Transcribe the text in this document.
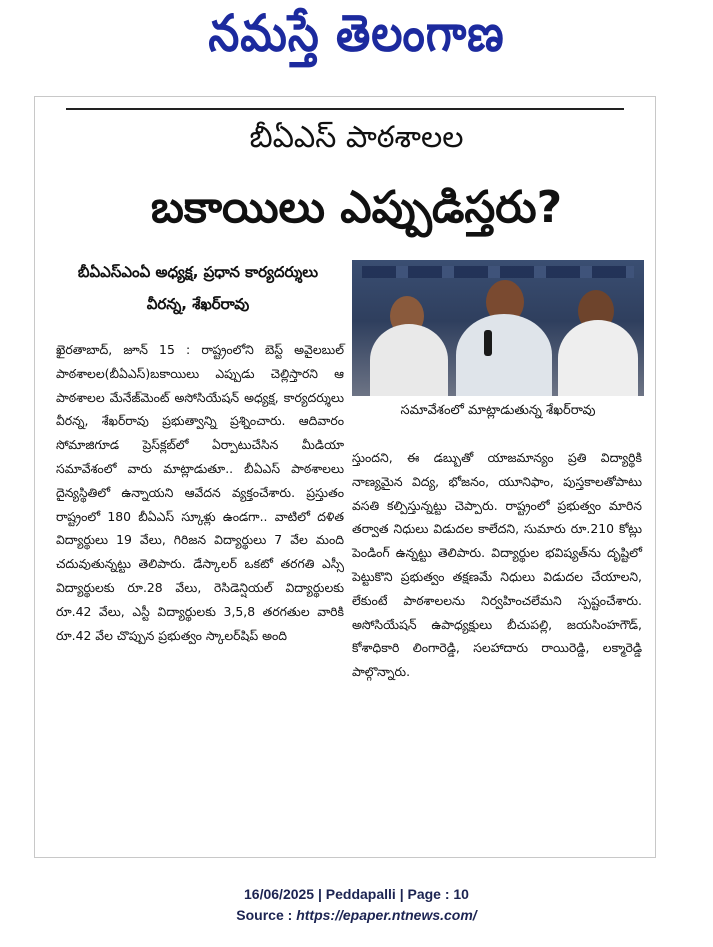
నమస్తే తెలంగాణ
బీఏఎస్ పాఠశాలల
బకాయిలు ఎప్పుడిస్తరు?
బీఏఎస్ఎంఏ అధ్యక్ష, ప్రధాన కార్యదర్శులు వీరన్న, శేఖర్‌రావు
ఖైరతాబాద్, జూన్ 15 : రాష్ట్రంలోని బెస్ట్ అవైలబుల్ పాఠశాలల(బీఏఎస్)బకాయిలు ఎప్పుడు చెల్లిస్తారని ఆ పాఠశాలల మేనేజ్‌మెంట్ అసోసియేషన్ అధ్యక్ష, కార్యదర్శులు వీరన్న, శేఖర్‌రావు ప్రభుత్వాన్ని ప్రశ్నించారు. ఆదివారం సోమాజిగూడ ప్రెస్‌క్లబ్‌లో ఏర్పాటుచేసిన మీడియా సమావేశంలో వారు మాట్లాడుతూ.. బీఏఎస్ పాఠశాలలు దైన్యస్థితిలో ఉన్నాయని ఆవేదన వ్యక్తంచేశారు. ప్రస్తుతం రాష్ట్రంలో 180 బీఏఎస్ స్కూళ్లు ఉండగా.. వాటిలో దళిత విద్యార్థులు 19 వేలు, గిరిజన విద్యార్థులు 7 వేల మంది చదువుతున్నట్టు తెలిపారు. డేస్కాలర్ ఒకటో తరగతి ఎస్సీ విద్యార్థులకు రూ.28 వేలు, రెసిడెన్షియల్ విద్యార్థులకు రూ.42 వేలు, ఎస్టీ విద్యార్థులకు 3,5,8 తరగతుల వారికి రూ.42 వేల చొప్పున ప్రభుత్వం స్కాలర్‌షిప్ అంది
సమావేశంలో మాట్లాడుతున్న శేఖర్‌రావు
స్తుందని, ఈ డబ్బుతో యాజమాన్యం ప్రతి విద్యార్థికి నాణ్యమైన విద్య, భోజనం, యూనిఫాం, పుస్తకాలతోపాటు వసతి కల్పిస్తున్నట్టు చెప్పారు. రాష్ట్రంలో ప్రభుత్వం మారిన తర్వాత నిధులు విడుదల కాలేదని, సుమారు రూ.210 కోట్లు పెండింగ్ ఉన్నట్టు తెలిపారు. విద్యార్థుల భవిష్యత్‌ను దృష్టిలో పెట్టుకొని ప్రభుత్వం తక్షణమే నిధులు విడుదల చేయాలని, లేకుంటే పాఠశాలలను నిర్వహించలేమని స్పష్టంచేశారు. అసోసియేషన్ ఉపాధ్యక్షులు బీచుపల్లి, జయసింహగౌడ్, కోశాధికారి లింగారెడ్డి, సలహాదారు రాయిరెడ్డి, లక్మారెడ్డి పాల్గొన్నారు.
16/06/2025 | Peddapalli | Page : 10
Source : https://epaper.ntnews.com/
